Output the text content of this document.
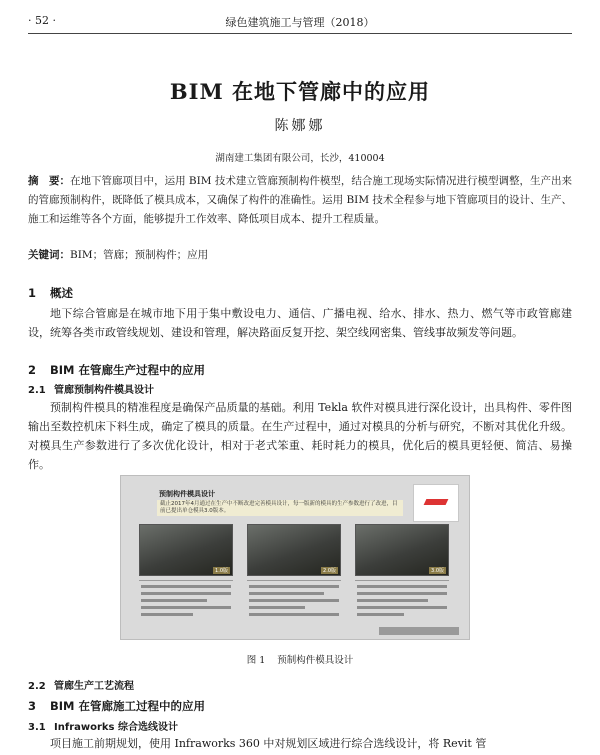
· 52 ·	绿色建筑施工与管理（2018）
BIM 在地下管廊中的应用
陈娜娜
湖南建工集团有限公司，长沙，410004
摘　要：在地下管廊项目中，运用 BIM 技术建立管廊预制构件模型，结合施工现场实际情况进行模型调整，生产出来的管廊预制构件，既降低了模具成本，又确保了构件的准确性。运用 BIM 技术全程参与地下管廊项目的设计、生产、施工和运维等各个方面，能够提升工作效率、降低项目成本、提升工程质量。
关键词：BIM；管廊；预制构件；应用
1 概述
地下综合管廊是在城市地下用于集中敷设电力、通信、广播电视、给水、排水、热力、燃气等市政管廊建设，统筹各类市政管线规划、建设和管理，解决路面反复开挖、架空线网密集、管线事故频发等问题。
2 BIM 在管廊生产过程中的应用
2.1 管廊预制构件模具设计
预制构件模具的精准程度是确保产品质量的基础。利用 Tekla 软件对模具进行深化设计，出具构件、零件图输出至数控机床下料生成，确定了模具的质量。在生产过程中，通过对模具的分析与研究，不断对其优化升级。对模具生产参数进行了多次优化设计，相对于老式笨重、耗时耗力的模具，优化后的模具更轻便、简洁、易操作。
预制构件模具设计
截止2017年4月通过在生产中不断改进完善模具设计，每一版新的模具的生产参数进行了改进，目前已提出单仓模具3.0版本。
1.0版	2.0版	3.0版
图 1 预制构件模具设计
2.2 管廊生产工艺流程
3 BIM 在管廊施工过程中的应用
3.1 Infraworks 综合选线设计
项目施工前期规划，使用 Infraworks 360 中对规划区域进行综合选线设计，将 Revit 管
